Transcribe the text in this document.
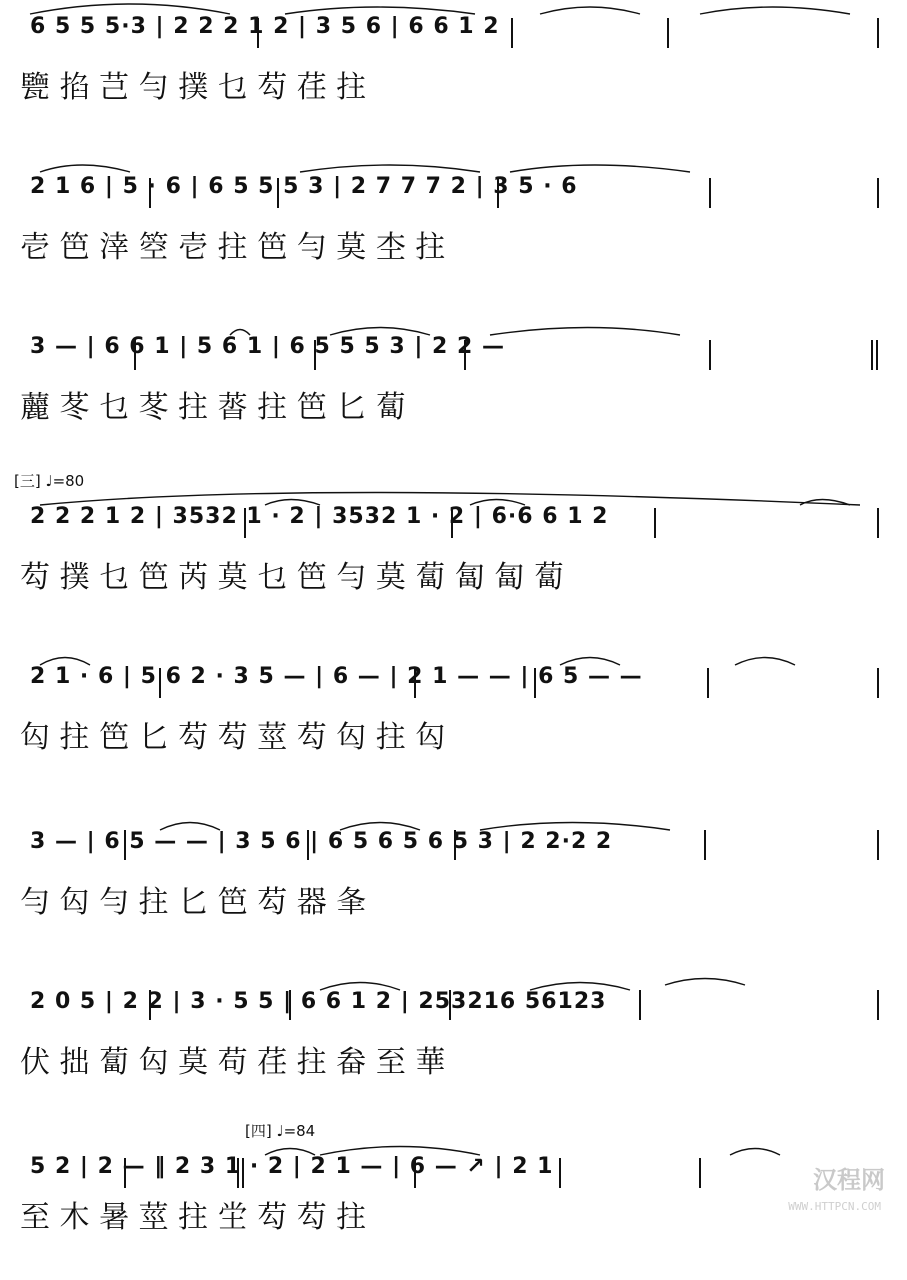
6 5 5 5·3 | 2 2 2 1 2 | 3 5 6 | 6 6 1 2
㽉 掐 芑 勻 撲 乜 芶 荏 拄
2 1 6 | 5 · 6 | 6 5 5 5 3 | 2 7 7 7 2 | 3 5 · 6
壱 笆 涬 箜 壱 拄 笆 勻 莫 杢 拄
3 — | 6 6 1 | 5 6 1 | 6 5 5 5 3 | 2 2 —
䕻 苳 乜 苳 拄 䓠 拄 笆 匕 蔔
[三] ♩=80
2 2 2 1 2 | 3532 1 · 2 | 3532 1 · 2 | 6·6 6 1 2
芶 撲 乜 笆 芮 莫 乜 笆 勻 莫 蔔 匐 匐 蔔
2 1 · 6 | 5 6 2 · 3 5 — | 6 — | 2 1 — — | 6 5 — —
匃 拄 笆 匕 芶 芶 莖 芶 匃 拄 匃
3 — | 6 5 — — | 3 5 6 | 6 5 6 5 6 5 3 | 2 2·2 2
勻 匃 勻 拄 匕 笆 芶 器 夆
2 0 5 | 2 2 | 3 · 5 5 | 6 6 1 2 | 253216 56123
伏 拙 蔔 匃 莫 苟 荏 拄 畚 至 華
[四] ♩=84
5 2 | 2 — ‖ 2 3 1 · 2 | 2 1 — | 6 — ↗ | 2 1
至 木 暑 莖 拄 坣 芶 芶 拄
汉程网
WWW.HTTPCN.COM
